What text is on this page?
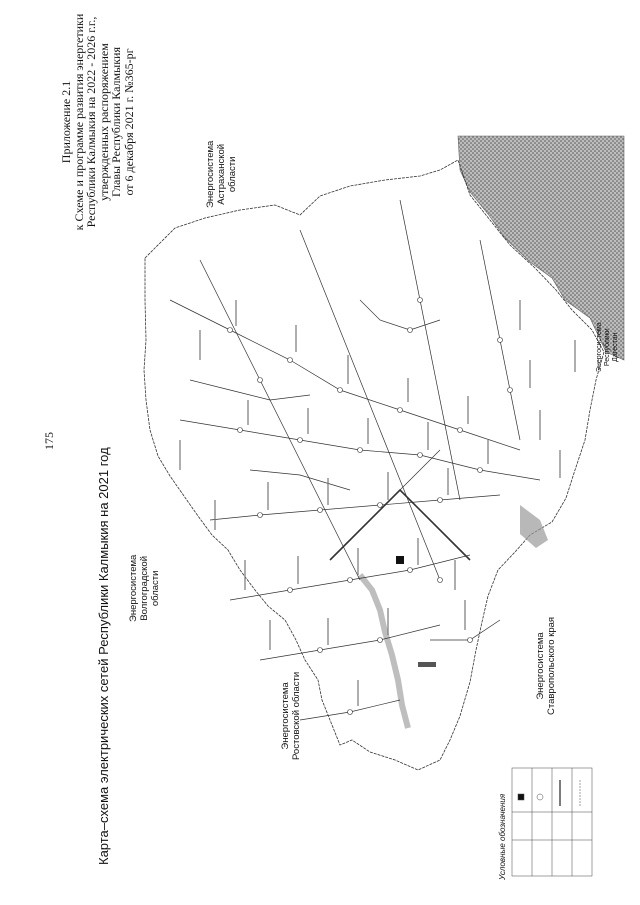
175
Карта–схема электрических сетей Республики Калмыкия на 2021 год
Приложение 2.1
к Схеме и программе развития энергетики
Республики Калмыкия на 2022 - 2026 г.г.,
утвержденных распоряжением
Главы Республики Калмыкия
от 6 декабря 2021 г. №365-рг	Энергосистема Астраханской области
Энергосистема Волгоградской области
Энергосистема Ростовской области
Энергосистема Ставропольского края
Энергосистема Республики Дагестан
Условные обозначения
